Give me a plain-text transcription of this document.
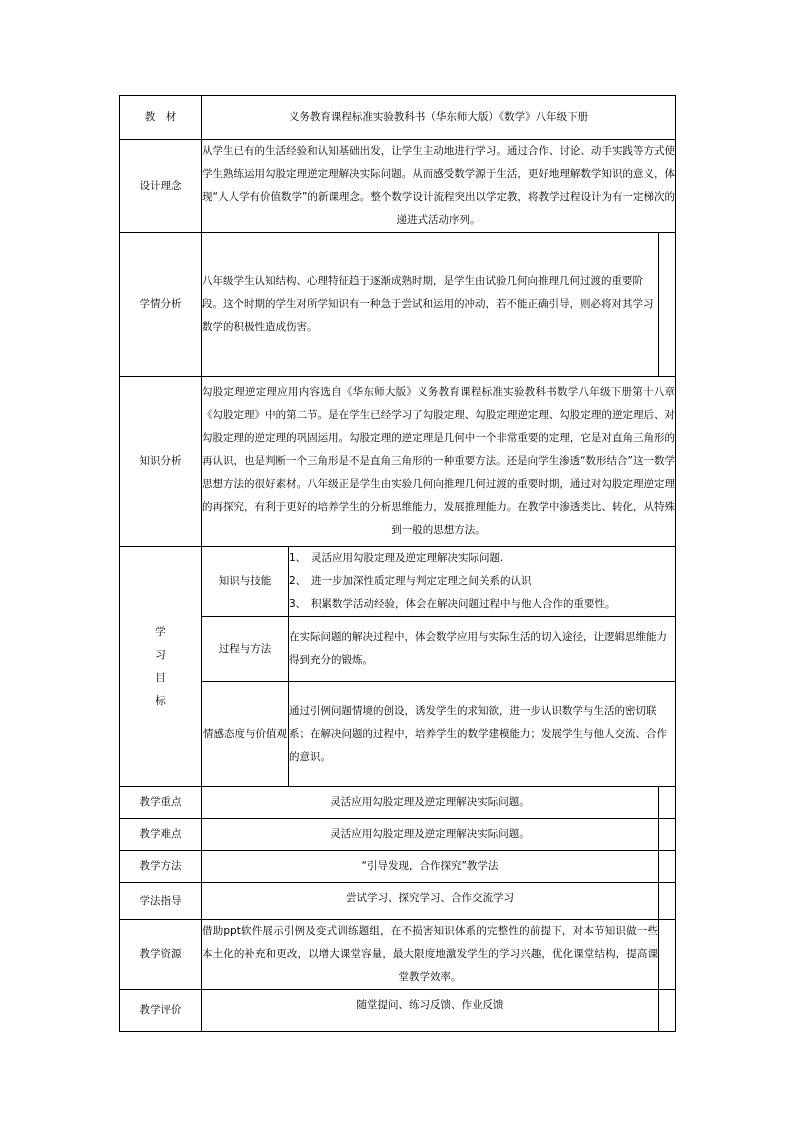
教　材	义务教育课程标准实验教科书（华东师大版）《数学》八年级下册		
设计理念	从学生已有的生活经验和认知基础出发，让学生主动地进行学习。通过合作、讨论、动手实践等方式使学生熟练运用勾股定理逆定理解决实际问题。从而感受数学源于生活，更好地理解数学知识的意义，体现“人人学有价值数学”的新课理念。整个数学设计流程突出以学定教，将教学过程设计为有一定梯次的递进式活动序列。		
学情分析	八年级学生认知结构、心理特征趋于逐渐成熟时期，是学生由试验几何向推理几何过渡的重要阶段。这个时期的学生对所学知识有一种急于尝试和运用的冲动，若不能正确引导，则必将对其学习数学的积极性造成伤害。		
知识分析	勾股定理逆定理应用内容选自《华东师大版》义务教育课程标准实验教科书数学八年级下册第十八章《勾股定理》中的第二节。是在学生已经学习了勾股定理、勾股定理逆定理、勾股定理的逆定理后、对勾股定理的逆定理的巩固运用。勾股定理的逆定理是几何中一个非常重要的定理，它是对直角三角形的再认识，也是判断一个三角形是不是直角三角形的一种重要方法。还是向学生渗透“数形结合”这一数学思想方法的很好素材。八年级正是学生由实验几何向推理几何过渡的重要时期，通过对勾股定理逆定理的再探究，有利于更好的培养学生的分析思维能力，发展推理能力。在教学中渗透类比、转化，从特殊到一般的思想方法。		
学习目标	知识与技能	1、 灵活应用勾股定理及逆定理解决实际问题.
2、 进一步加深性质定理与判定定理之间关系的认识
3、 积累数学活动经验，体会在解决问题过程中与他人合作的重要性。	

	过程与方法	在实际问题的解决过程中，体会数学应用与实际生活的切入途径，让逻辑思维能力得到充分的锻炼。	
	情感态度与价值观	通过引例问题情境的创设，诱发学生的求知欲，进一步认识数学与生活的密切联系；在解决问题的过程中，培养学生的数学建模能力；发展学生与他人交流、合作的意识。	
教学重点	灵活应用勾股定理及逆定理解决实际问题。		
教学难点	灵活应用勾股定理及逆定理解决实际问题。		
教学方法	“引导发现，合作探究”教学法		
学法指导	尝试学习、探究学习、合作交流学习		
教学资源	借助ppt软件展示引例及变式训练题组，在不损害知识体系的完整性的前提下，对本节知识做一些本土化的补充和更改，以增大课堂容量，最大限度地激发学生的学习兴趣，优化课堂结构，提高课堂教学效率。		
教学评价	随堂提问、练习反馈、作业反馈		
